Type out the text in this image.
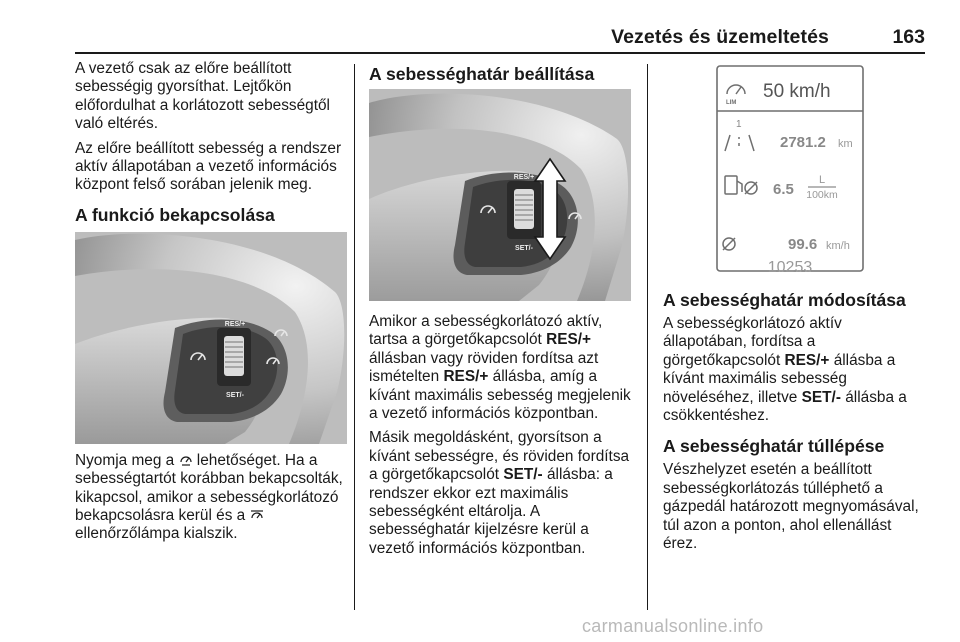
Vezetés és üzemeltetés	163

A vezető csak az előre beállított sebességig gyorsíthat. Lejtőkön előfordulhat a korlátozott sebességtől való eltérés.

Az előre beállított sebesség a rendszer aktív állapotában a vezető információs központ felső sorában jelenik meg.

A funkció bekapcsolása
RES/+
SET/-

Nyomja meg a lehetőséget. Ha a sebességtartót korábban bekapcsolták, kikapcsol, amikor a sebességkorlátozó bekapcsolásra kerül és a  ellenőrzőlámpa kialszik.

A sebességhatár beállítása
RES/+
SET/-

Amikor a sebességkorlátozó aktív, tartsa a görgetőkapcsolót RES/+ állásban vagy röviden fordítsa azt ismételten RES/+ állásba, amíg a kívánt maximális sebesség megjelenik a vezető információs központban.

Másik megoldásként, gyorsítson a kívánt sebességre, és röviden fordítsa a görgetőkapcsolót SET/- állásba: a rendszer ekkor ezt maximális sebességként eltárolja. A sebességhatár kijelzésre kerül a vezető információs központban.

LIM
50 km/h
1
2781.2 km
6.5
L
100km
99.6 km/h
10253
A sebességhatár módosítása

A sebességkorlátozó aktív állapotában, fordítsa a görgetőkapcsolót RES/+ állásba a kívánt maximális sebesség növeléséhez, illetve SET/- állásba a csökkentéshez.

A sebességhatár túllépése

Vészhelyzet esetén a beállított sebességkorlátozás túlléphető a gázpedál határozott megnyomásával, túl azon a ponton, ahol ellenállást érez.

carmanualsonline.info
